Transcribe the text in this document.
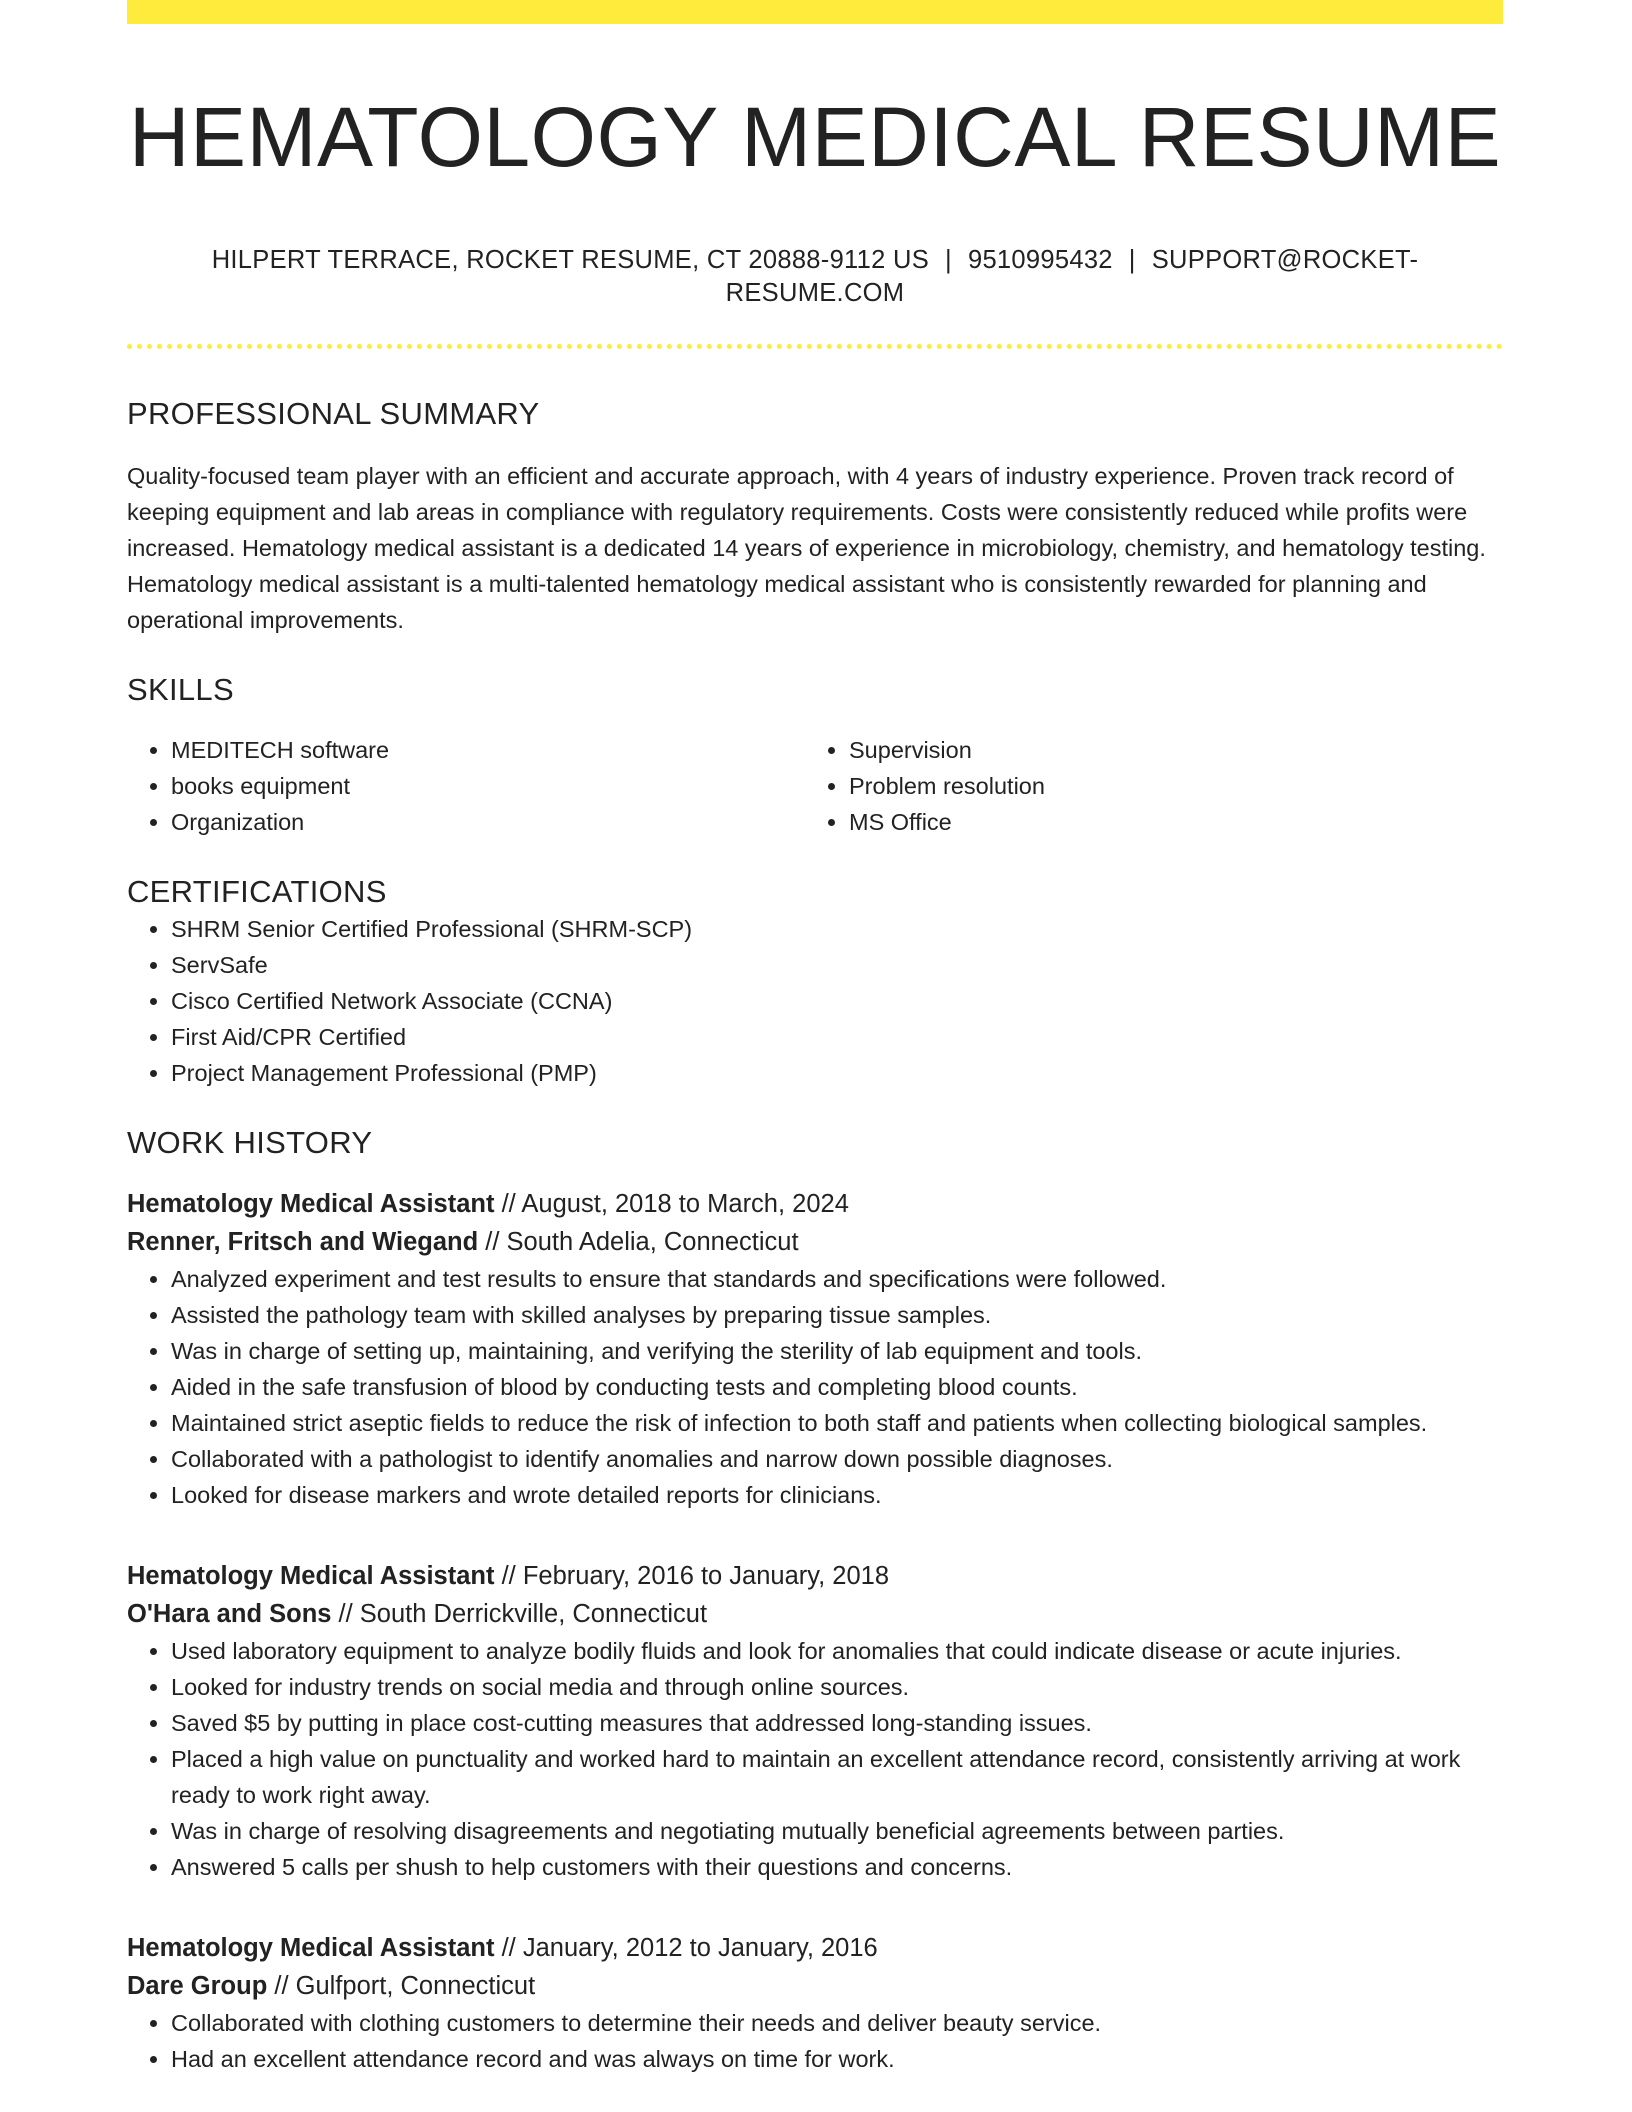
HEMATOLOGY MEDICAL RESUME
HILPERT TERRACE, ROCKET RESUME, CT 20888-9112 US | 9510995432 | SUPPORT@ROCKET-RESUME.COM
PROFESSIONAL SUMMARY

Quality-focused team player with an efficient and accurate approach, with 4 years of industry experience. Proven track record of keeping equipment and lab areas in compliance with regulatory requirements. Costs were consistently reduced while profits were increased. Hematology medical assistant is a dedicated 14 years of experience in microbiology, chemistry, and hematology testing. Hematology medical assistant is a multi-talented hematology medical assistant who is consistently rewarded for planning and operational improvements.

SKILLS
• MEDITECH software
• books equipment
• Organization
• Supervision
• Problem resolution
• MS Office
CERTIFICATIONS
• SHRM Senior Certified Professional (SHRM-SCP)
• ServSafe
• Cisco Certified Network Associate (CCNA)
• First Aid/CPR Certified
• Project Management Professional (PMP)
WORK HISTORY
Hematology Medical Assistant // August, 2018 to March, 2024
Renner, Fritsch and Wiegand // South Adelia, Connecticut
• Analyzed experiment and test results to ensure that standards and specifications were followed.
• Assisted the pathology team with skilled analyses by preparing tissue samples.
• Was in charge of setting up, maintaining, and verifying the sterility of lab equipment and tools.
• Aided in the safe transfusion of blood by conducting tests and completing blood counts.
• Maintained strict aseptic fields to reduce the risk of infection to both staff and patients when collecting biological samples.
• Collaborated with a pathologist to identify anomalies and narrow down possible diagnoses.
• Looked for disease markers and wrote detailed reports for clinicians.
Hematology Medical Assistant // February, 2016 to January, 2018
O'Hara and Sons // South Derrickville, Connecticut
• Used laboratory equipment to analyze bodily fluids and look for anomalies that could indicate disease or acute injuries.
• Looked for industry trends on social media and through online sources.
• Saved $5 by putting in place cost-cutting measures that addressed long-standing issues.
• Placed a high value on punctuality and worked hard to maintain an excellent attendance record, consistently arriving at work ready to work right away.
• Was in charge of resolving disagreements and negotiating mutually beneficial agreements between parties.
• Answered 5 calls per shush to help customers with their questions and concerns.
Hematology Medical Assistant // January, 2012 to January, 2016
Dare Group // Gulfport, Connecticut
• Collaborated with clothing customers to determine their needs and deliver beauty service.
• Had an excellent attendance record and was always on time for work.
